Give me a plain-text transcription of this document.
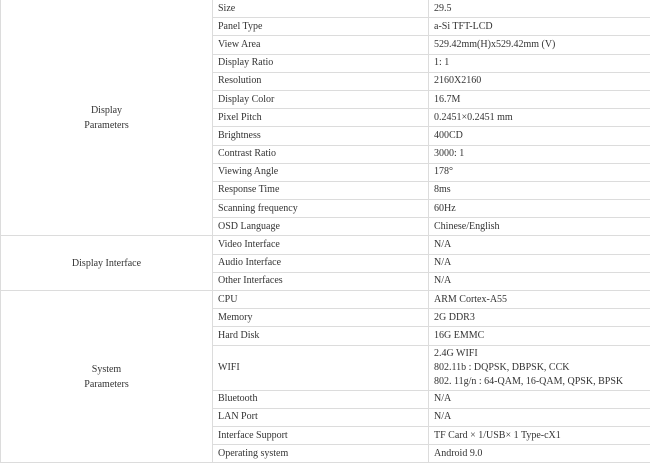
Display
Parameters	Size	29.5

	Panel Type	a-Si TFT-LCD

	View Area	529.42mm(H)x529.42mm (V)

	Display Ratio	1: 1

	Resolution	2160X2160

	Display Color	16.7M

	Pixel Pitch	0.2451×0.2451 mm

	Brightness	400CD

	Contrast Ratio	3000: 1

	Viewing Angle	178°

	Response Time	8ms

	Scanning frequency	60Hz

	OSD Language	Chinese/English

Display Interface	Video Interface	N/A

	Audio Interface	N/A

	Other Interfaces	N/A

System
Parameters	CPU	ARM Cortex-A55

	Memory	2G DDR3

	Hard Disk	16G EMMC

	WIFI	2.4G WIFI
802.11b : DQPSK, DBPSK, CCK
802. 11g/n : 64-QAM, 16-QAM, QPSK, BPSK

	Bluetooth	N/A

	LAN Port	N/A

	Interface Support	TF Card × 1/USB× 1 Type-cX1

	Operating system	Android 9.0
